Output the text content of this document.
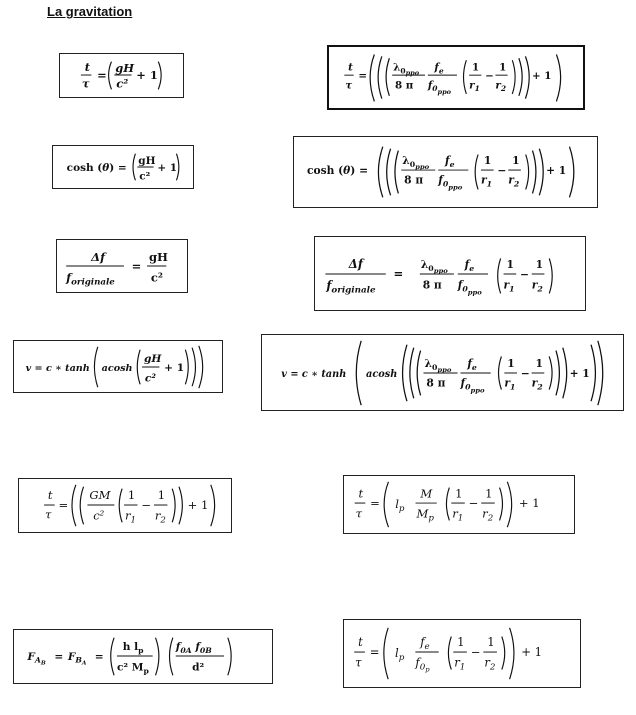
La gravitation
t
τ
= gH
c²
+ 1
t
τ
=
$\lambda_0ppo$
8 π
$f_e$
$f_{0ppo}$
1
$r_1$
−
1
$r_2$
+ 1
cosh (θ) =
gH
c²
+ 1	cosh (θ) =
$\lambda_0ppo$
8 π
$f_e$
$f_{0ppo}$
1
$r_1$
−
1
$r_2$
+ 1
Δf
$f_{originale}$
=
gH
c²
Δf
$f_{originale}$
=
$\lambda_0ppo$
8 π
$f_e$
$f_{0ppo}$
1
$r_1$
−
1
$r_2$
v = c ∗ tanh acosh
gH
c²
+ 1
v = c ∗ tanh acosh
$\lambda_0ppo$
8 π
$f_e$
$f_{0ppo}$
1
$r_1$
−
1
$r_2$
+ 1
t
τ
=
GM
c²
1
$r_1$
−
1
$r_2$
+ 1
t
τ
= $l_p$
M
$M_p$
1
$r_1$
−
1
$r_2$
+ 1
$F_AB$
= $F_BA$
=
h $l_p$
c² $M_p$
$f_{0A}$ $f_{0B}$
d²
t
τ
= $l_p$
$f_e$
$f_{0_p}$
1
$r_1$
−
1
$r_2$
+ 1
